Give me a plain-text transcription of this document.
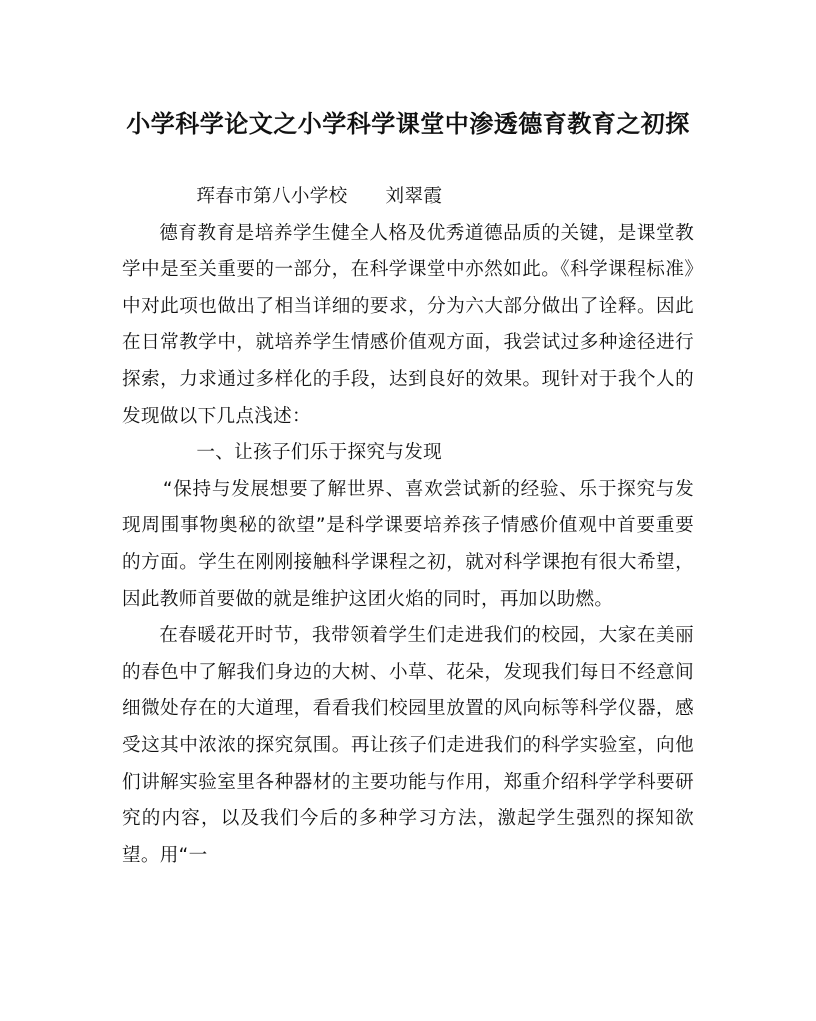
小学科学论文之小学科学课堂中渗透德育教育之初探

珲春市第八小学校 刘翠霞

德育教育是培养学生健全人格及优秀道德品质的关键，是课堂教学中是至关重要的一部分，在科学课堂中亦然如此。《科学课程标准》中对此项也做出了相当详细的要求，分为六大部分做出了诠释。因此在日常教学中，就培养学生情感价值观方面，我尝试过多种途径进行探索，力求通过多样化的手段，达到良好的效果。现针对于我个人的发现做以下几点浅述：

一、让孩子们乐于探究与发现

“保持与发展想要了解世界、喜欢尝试新的经验、乐于探究与发现周围事物奥秘的欲望”是科学课要培养孩子情感价值观中首要重要的方面。学生在刚刚接触科学课程之初，就对科学课抱有很大希望，因此教师首要做的就是维护这团火焰的同时，再加以助燃。

在春暖花开时节，我带领着学生们走进我们的校园，大家在美丽的春色中了解我们身边的大树、小草、花朵，发现我们每日不经意间细微处存在的大道理，看看我们校园里放置的风向标等科学仪器，感受这其中浓浓的探究氛围。再让孩子们走进我们的科学实验室，向他们讲解实验室里各种器材的主要功能与作用，郑重介绍科学学科要研究的内容，以及我们今后的多种学习方法，激起学生强烈的探知欲望。用“一
